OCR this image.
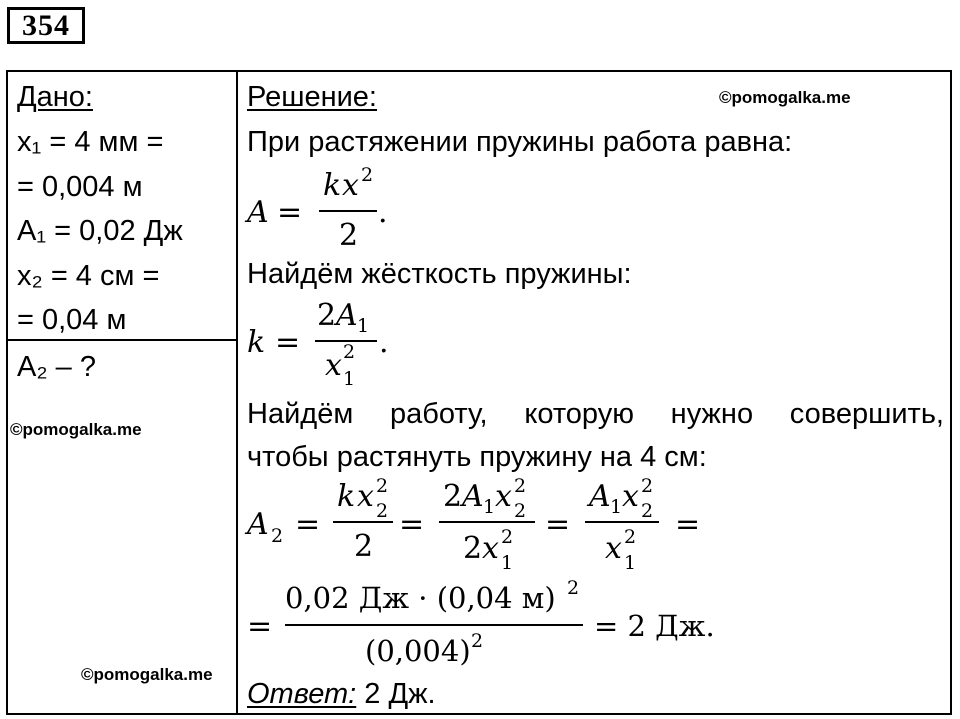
354
Дано:
x₁ = 4 мм =
= 0,004 м
A₁ = 0,02 Дж
x₂ = 4 см =
= 0,04 м
A₂ – ?
©pomogalka.me
©pomogalka.me
©pomogalka.me
Решение:
При растяжении пружины работа равна:
A =
k x 2
2
.
Найдём жёсткость пружины:
k =
2 A 1
x 2
1
.
Найдём работу, которую нужно совершить,
чтобы растянуть пружину на 4 см:
A 2 =
k x 2
2
2
=
2 A 1 x 2
2
2 x 2
1
=
A 1 x 2
2
x 2
1
=
=
0,02 Дж · (0,04 м) 2
(0,004) 2	= 2 Дж.
Ответ: 2 Дж.
